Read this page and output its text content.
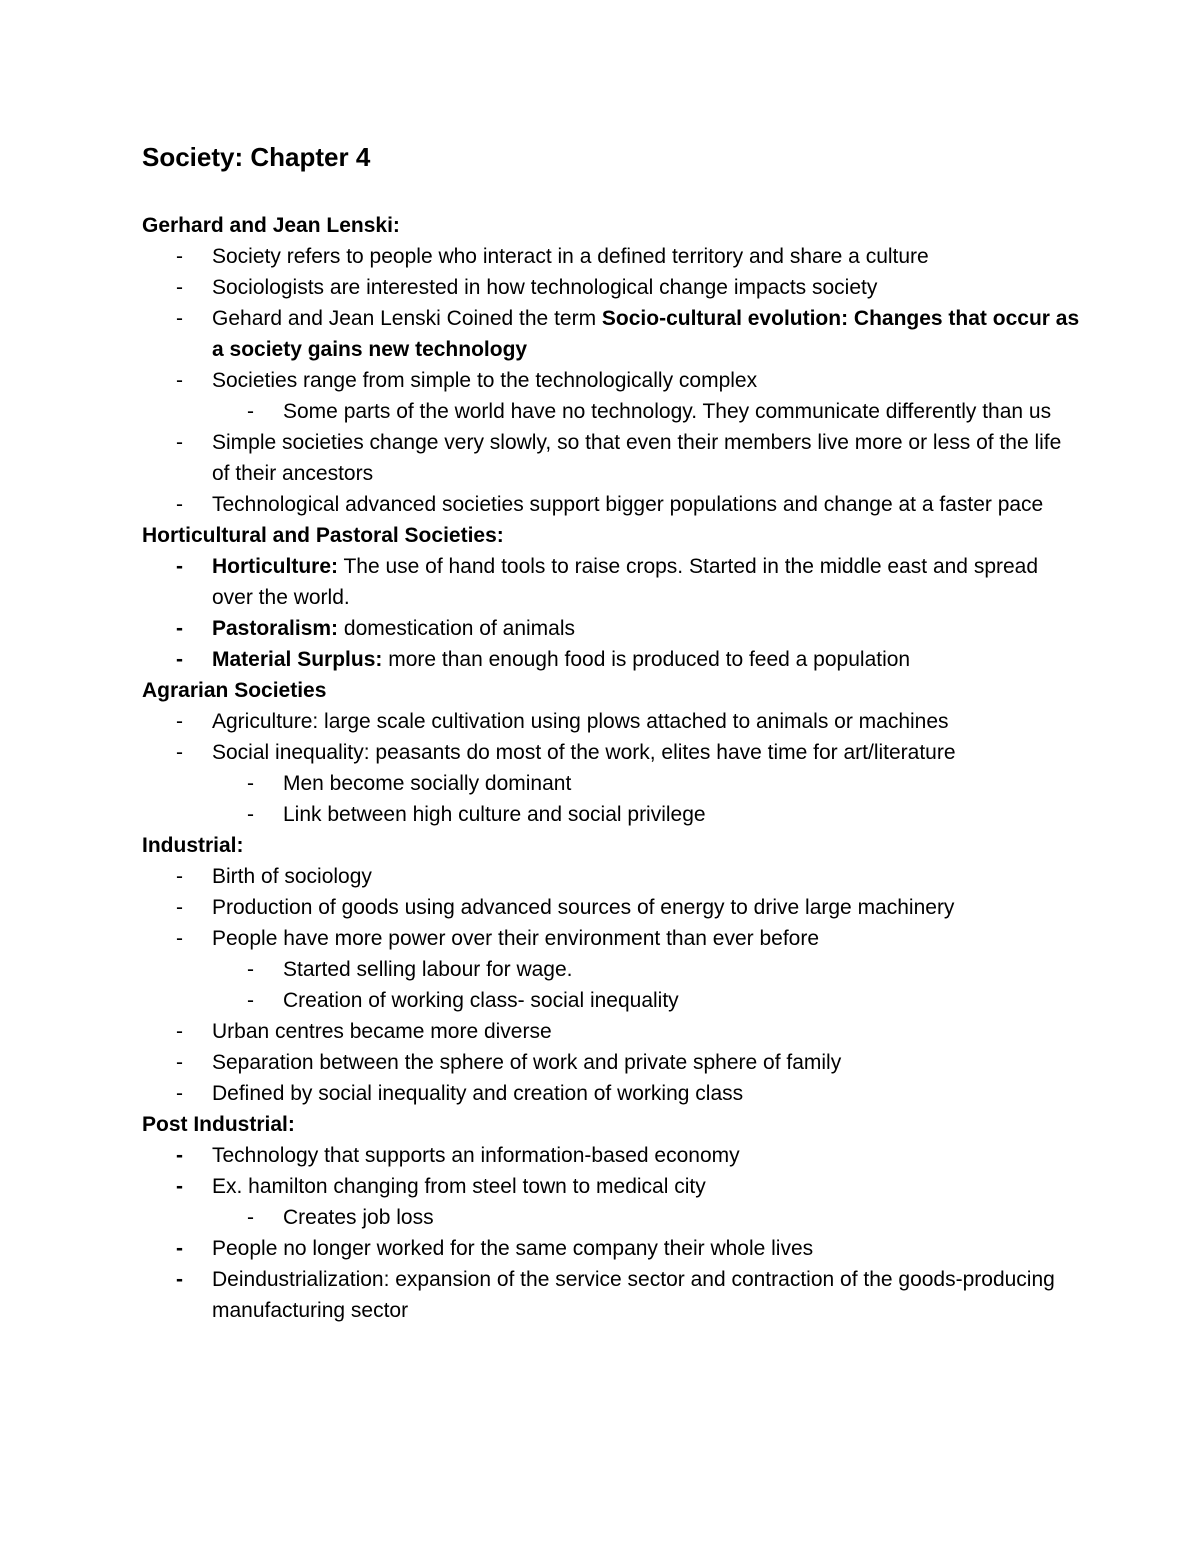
Society: Chapter 4
Gerhard and Jean Lenski:
-	Society refers to people who interact in a defined territory and share a culture
-	Sociologists are interested in how technological change impacts society
-	Gehard and Jean Lenski Coined the term Socio-cultural evolution: Changes that occur as a society gains new technology
-	Societies range from simple to the technologically complex
-	Some parts of the world have no technology. They communicate differently than us
-	Simple societies change very slowly, so that even their members live more or less of the life of their ancestors
-	Technological advanced societies support bigger populations and change at a faster pace
Horticultural and Pastoral Societies:
-	Horticulture: The use of hand tools to raise crops. Started in the middle east and spread over the world.
-	Pastoralism: domestication of animals
-	Material Surplus: more than enough food is produced to feed a population
Agrarian Societies
-	Agriculture: large scale cultivation using plows attached to animals or machines
-	Social inequality: peasants do most of the work, elites have time for art/literature
-	Men become socially dominant
-	Link between high culture and social privilege
Industrial:
-	Birth of sociology
-	Production of goods using advanced sources of energy to drive large machinery
-	People have more power over their environment than ever before
-	Started selling labour for wage.
-	Creation of working class- social inequality
-	Urban centres became more diverse
-	Separation between the sphere of work and private sphere of family
-	Defined by social inequality and creation of working class
Post Industrial:
-	Technology that supports an information-based economy
-	Ex. hamilton changing from steel town to medical city
-	Creates job loss
-	People no longer worked for the same company their whole lives
-	Deindustrialization: expansion of the service sector and contraction of the goods-producing manufacturing sector
